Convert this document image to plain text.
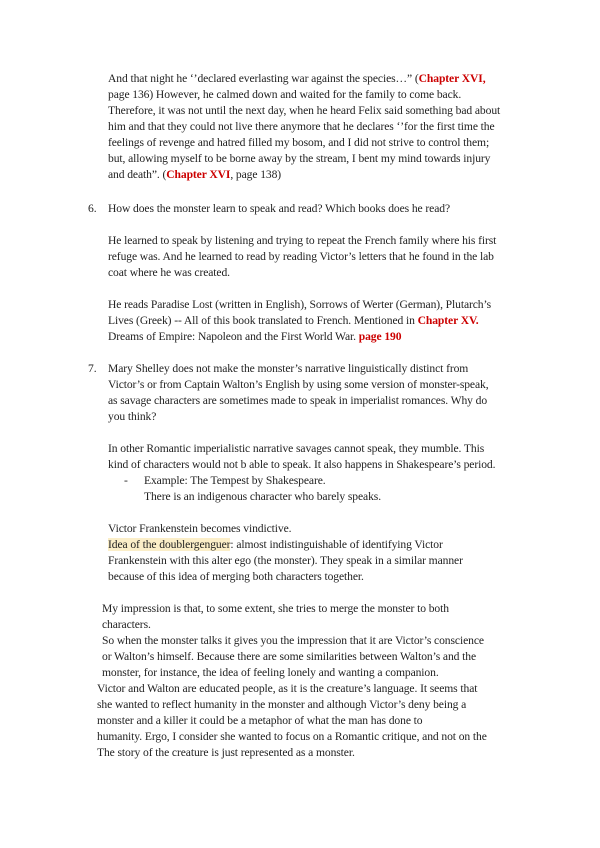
And that night he ‘’declared everlasting war against the species…” (Chapter XVI,
page 136) However, he calmed down and waited for the family to come back.
Therefore, it was not until the next day, when he heard Felix said something bad about
him and that they could not live there anymore that he declares ‘’for the first time the
feelings of revenge and hatred filled my bosom, and I did not strive to control them;
but, allowing myself to be borne away by the stream, I bent my mind towards injury
and death”. (Chapter XVI, page 138)
6. How does the monster learn to speak and read? Which books does he read?
He learned to speak by listening and trying to repeat the French family where his first
refuge was. And he learned to read by reading Victor’s letters that he found in the lab
coat where he was created.
He reads Paradise Lost (written in English), Sorrows of Werter (German), Plutarch’s
Lives (Greek) -- All of this book translated to French. Mentioned in Chapter XV.
Dreams of Empire: Napoleon and the First World War. page 190
7. Mary Shelley does not make the monster’s narrative linguistically distinct from
Victor’s or from Captain Walton’s English by using some version of monster-speak,
as savage characters are sometimes made to speak in imperialist romances. Why do
you think?
In other Romantic imperialistic narrative savages cannot speak, they mumble. This
kind of characters would not b able to speak. It also happens in Shakespeare’s period.
- Example: The Tempest by Shakespeare.
There is an indigenous character who barely speaks.
Victor Frankenstein becomes vindictive.
Idea of the doublergenguer: almost indistinguishable of identifying Victor
Frankenstein with this alter ego (the monster). They speak in a similar manner
because of this idea of merging both characters together.
My impression is that, to some extent, she tries to merge the monster to both
characters.
So when the monster talks it gives you the impression that it are Victor’s conscience
or Walton’s himself. Because there are some similarities between Walton’s and the
monster, for instance, the idea of feeling lonely and wanting a companion.
Victor and Walton are educated people, as it is the creature’s language. It seems that
she wanted to reflect humanity in the monster and although Victor’s deny being a
monster and a killer it could be a metaphor of what the man has done to
humanity. Ergo, I consider she wanted to focus on a Romantic critique, and not on the
The story of the creature is just represented as a monster.
